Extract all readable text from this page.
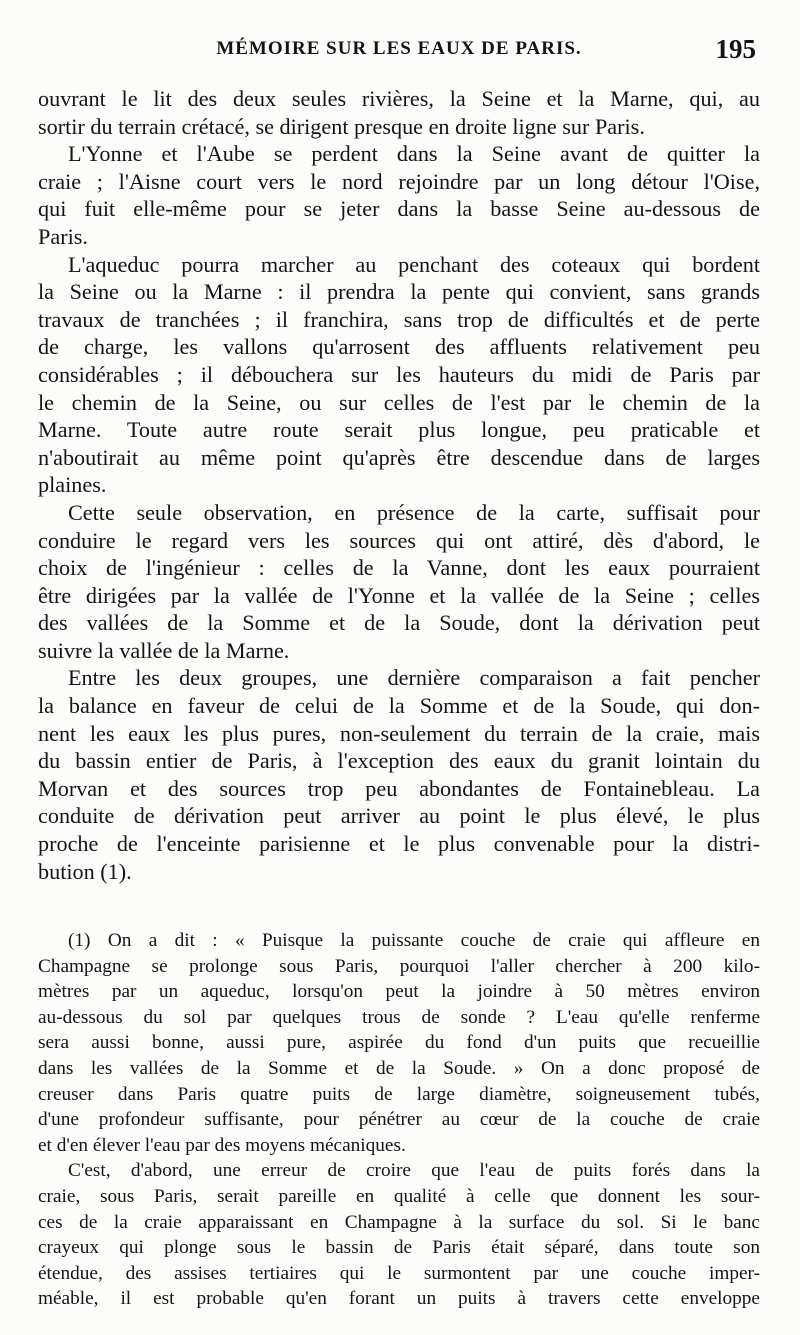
MÉMOIRE SUR LES EAUX DE PARIS.	195
ouvrant le lit des deux seules rivières, la Seine et la Marne, qui, au
sortir du terrain crétacé, se dirigent presque en droite ligne sur Paris.
L'Yonne et l'Aube se perdent dans la Seine avant de quitter la
craie ; l'Aisne court vers le nord rejoindre par un long détour l'Oise,
qui fuit elle-même pour se jeter dans la basse Seine au-dessous de
Paris.
L'aqueduc pourra marcher au penchant des coteaux qui bordent
la Seine ou la Marne : il prendra la pente qui convient, sans grands
travaux de tranchées ; il franchira, sans trop de difficultés et de perte
de charge, les vallons qu'arrosent des affluents relativement peu
considérables ; il débouchera sur les hauteurs du midi de Paris par
le chemin de la Seine, ou sur celles de l'est par le chemin de la
Marne. Toute autre route serait plus longue, peu praticable et
n'aboutirait au même point qu'après être descendue dans de larges
plaines.
Cette seule observation, en présence de la carte, suffisait pour
conduire le regard vers les sources qui ont attiré, dès d'abord, le
choix de l'ingénieur : celles de la Vanne, dont les eaux pourraient
être dirigées par la vallée de l'Yonne et la vallée de la Seine ; celles
des vallées de la Somme et de la Soude, dont la dérivation peut
suivre la vallée de la Marne.
Entre les deux groupes, une dernière comparaison a fait pencher
la balance en faveur de celui de la Somme et de la Soude, qui don-
nent les eaux les plus pures, non-seulement du terrain de la craie, mais
du bassin entier de Paris, à l'exception des eaux du granit lointain du
Morvan et des sources trop peu abondantes de Fontainebleau. La
conduite de dérivation peut arriver au point le plus élevé, le plus
proche de l'enceinte parisienne et le plus convenable pour la distri-
bution (1).
(1) On a dit : « Puisque la puissante couche de craie qui affleure en
Champagne se prolonge sous Paris, pourquoi l'aller chercher à 200 kilo-
mètres par un aqueduc, lorsqu'on peut la joindre à 50 mètres environ
au-dessous du sol par quelques trous de sonde ? L'eau qu'elle renferme
sera aussi bonne, aussi pure, aspirée du fond d'un puits que recueillie
dans les vallées de la Somme et de la Soude. » On a donc proposé de
creuser dans Paris quatre puits de large diamètre, soigneusement tubés,
d'une profondeur suffisante, pour pénétrer au cœur de la couche de craie
et d'en élever l'eau par des moyens mécaniques.
C'est, d'abord, une erreur de croire que l'eau de puits forés dans la
craie, sous Paris, serait pareille en qualité à celle que donnent les sour-
ces de la craie apparaissant en Champagne à la surface du sol. Si le banc
crayeux qui plonge sous le bassin de Paris était séparé, dans toute son
étendue, des assises tertiaires qui le surmontent par une couche imper-
méable, il est probable qu'en forant un puits à travers cette enveloppe
